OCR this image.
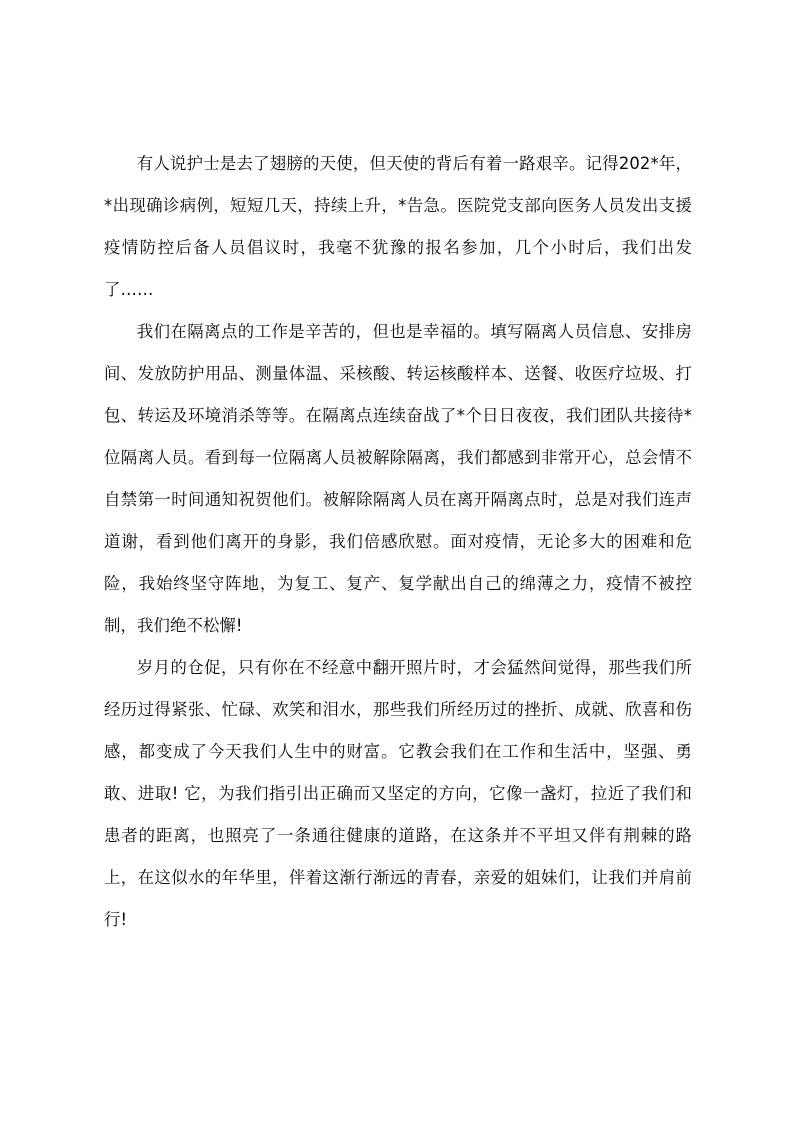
有人说护士是去了翅膀的天使，但天使的背后有着一路艰辛。记得202*年，*出现确诊病例，短短几天，持续上升，*告急。医院党支部向医务人员发出支援疫情防控后备人员倡议时，我毫不犹豫的报名参加，几个小时后，我们出发了……

我们在隔离点的工作是辛苦的，但也是幸福的。填写隔离人员信息、安排房间、发放防护用品、测量体温、采核酸、转运核酸样本、送餐、收医疗垃圾、打包、转运及环境消杀等等。在隔离点连续奋战了*个日日夜夜，我们团队共接待*位隔离人员。看到每一位隔离人员被解除隔离，我们都感到非常开心，总会情不自禁第一时间通知祝贺他们。被解除隔离人员在离开隔离点时，总是对我们连声道谢，看到他们离开的身影，我们倍感欣慰。面对疫情，无论多大的困难和危险，我始终坚守阵地，为复工、复产、复学献出自己的绵薄之力，疫情不被控制，我们绝不松懈!

岁月的仓促，只有你在不经意中翻开照片时，才会猛然间觉得，那些我们所经历过得紧张、忙碌、欢笑和泪水，那些我们所经历过的挫折、成就、欣喜和伤感，都变成了今天我们人生中的财富。它教会我们在工作和生活中，坚强、勇敢、进取! 它，为我们指引出正确而又坚定的方向，它像一盏灯，拉近了我们和患者的距离，也照亮了一条通往健康的道路，在这条并不平坦又伴有荆棘的路上，在这似水的年华里，伴着这渐行渐远的青春，亲爱的姐妹们，让我们并肩前行!
